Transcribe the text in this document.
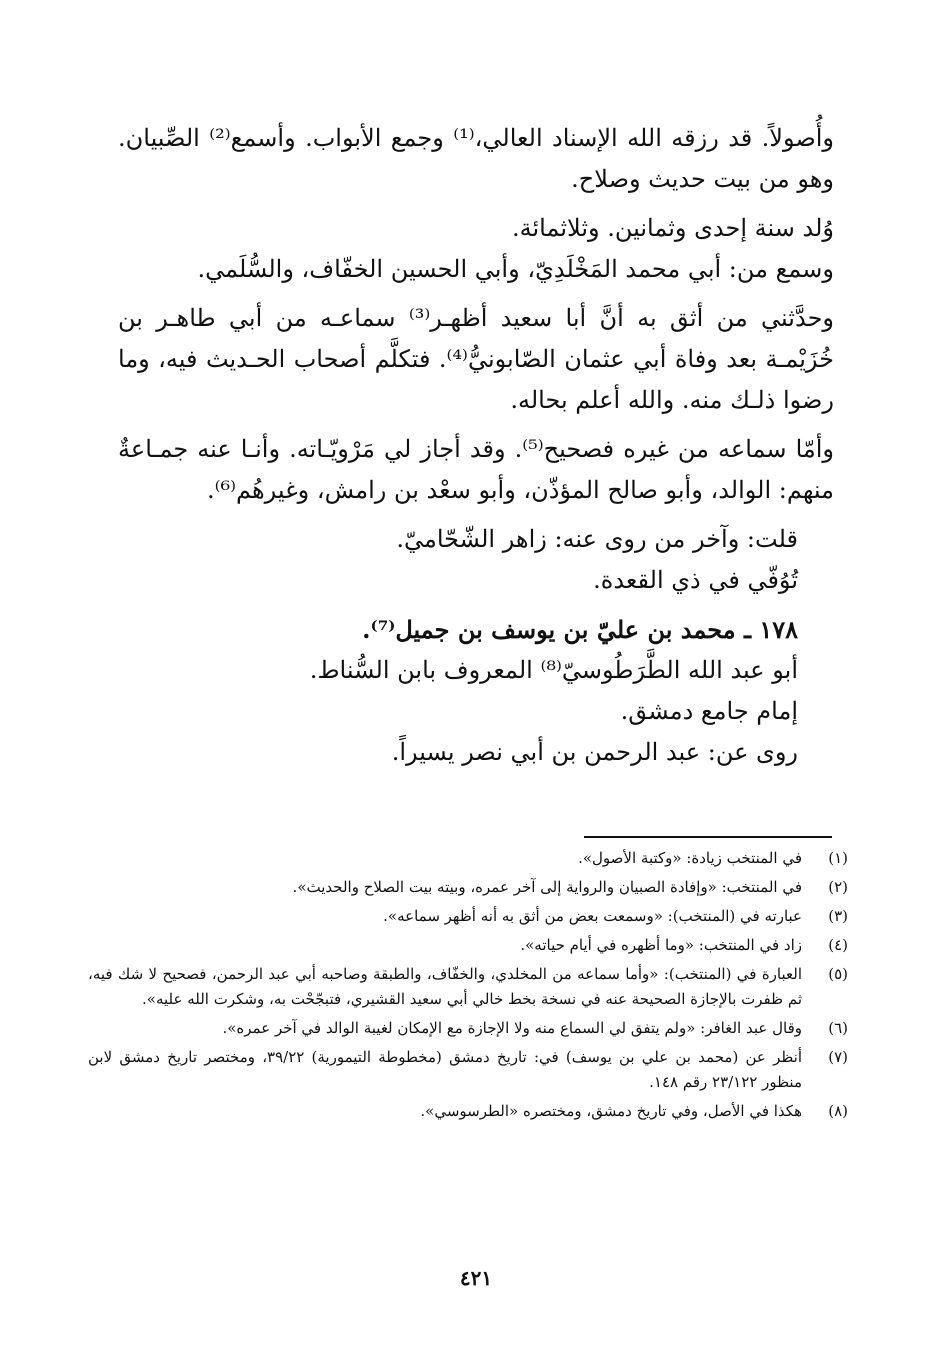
وأُصولاً. قد رزقه الله الإسناد العالي،⁽¹⁾ وجمع الأبواب. وأسمع⁽²⁾ الصِّبيان. وهو من بيت حديث وصلاح.

وُلد سنة إحدى وثمانين. وثلاثمائة.

وسمع من: أبي محمد المَخْلَدِيّ، وأبي الحسين الخفّاف، والسُّلَمي.

وحدَّثني من أثق به أنَّ أبا سعيد أظهـر⁽³⁾ سماعـه من أبي طاهـر بن خُزَيْمـة بعد وفاة أبي عثمان الصّابونيُّ⁽⁴⁾. فتكلَّم أصحاب الحـديث فيه، وما رضوا ذلـك منه. والله أعلم بحاله.

وأمّا سماعه من غيره فصحيح⁽⁵⁾. وقد أجاز لي مَرْويّـاته. وأنـا عنه جمـاعةٌ منهم: الوالد، وأبو صالح المؤذّن، وأبو سعْد بن رامش، وغيرهُم⁽⁶⁾.

قلت: وآخر من روى عنه: زاهر الشّحّاميّ.

تُوُفّي في ذي القعدة.

١٧٨ ـ محمد بن عليّ بن يوسف بن جميل⁽⁷⁾.

أبو عبد الله الطَّرَطُوسيّ⁽⁸⁾ المعروف بابن السُّناط.

إمام جامع دمشق.

روى عن: عبد الرحمن بن أبي نصر يسيراً.

(١)
في المنتخب زيادة: «وكتبة الأصول».
(٢)
في المنتخب: «وإفادة الصبيان والرواية إلى آخر عمره، وبيته بيت الصلاح والحديث».
(٣)
عبارته في (المنتخب): «وسمعت بعض من أثق به أنه أظهر سماعه».
(٤)
زاد في المنتخب: «وما أظهره في أيام حياته».
(٥)
العبارة في (المنتخب): «وأما سماعه من المخلدي، والخفّاف، والطبقة وصاحبه أبي عبد الرحمن، فصحيح لا شك فيه، ثم ظفرت بالإجازة الصحيحة عنه في نسخة بخط خالي أبي سعيد القشيري، فتبجّحْت به، وشكرت الله عليه».
(٦)
وقال عبد الغافر: «ولم يتفق لي السماع منه ولا الإجازة مع الإمكان لغيبة الوالد في آخر عمره».
(٧)
أنظر عن (محمد بن علي بن يوسف) في: تاريخ دمشق (مخطوطة التيمورية) ٣٩/٢٢، ومختصر تاريخ دمشق لابن منظور ٢٣/١٢٢ رقم ١٤٨.
(٨)
هكذا في الأصل، وفي تاريخ دمشق، ومختصره «الطرسوسي».
٤٢١
